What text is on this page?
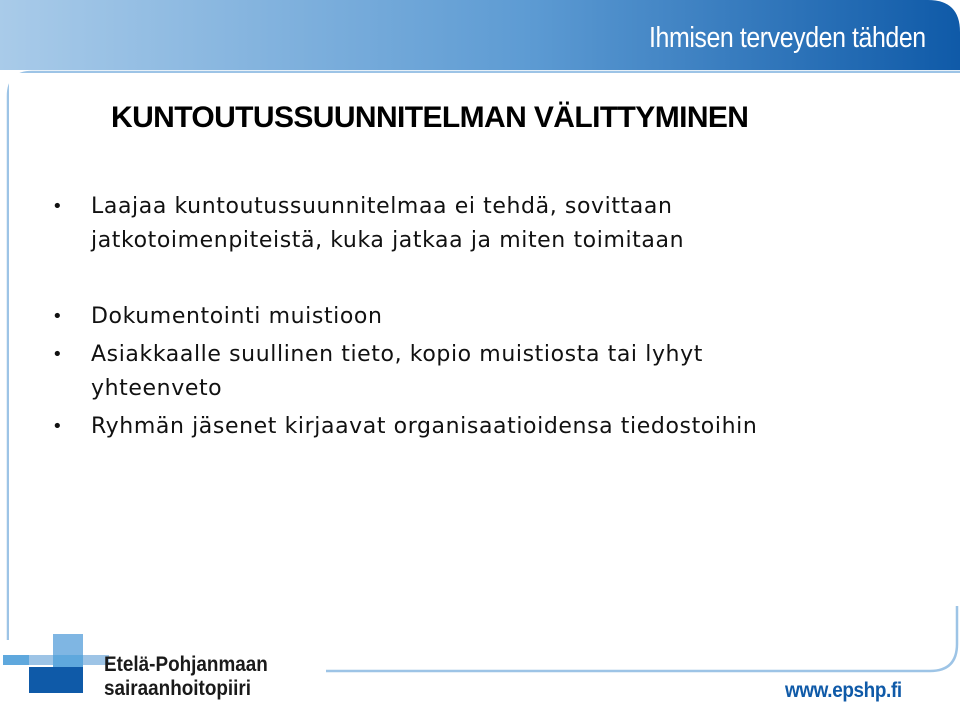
Ihmisen terveyden tähden
KUNTOUTUSSUUNNITELMAN VÄLITTYMINEN
• Laajaa kuntoutussuunnitelmaa ei tehdä, sovittaan
jatkotoimenpiteistä, kuka jatkaa ja miten toimitaan
• Dokumentointi muistioon
• Asiakkaalle suullinen tieto, kopio muistiosta tai lyhyt
yhteenveto
• Ryhmän jäsenet kirjaavat organisaatioidensa tiedostoihin
Etelä-Pohjanmaan
sairaanhoitopiiri	www.epshp.fi
